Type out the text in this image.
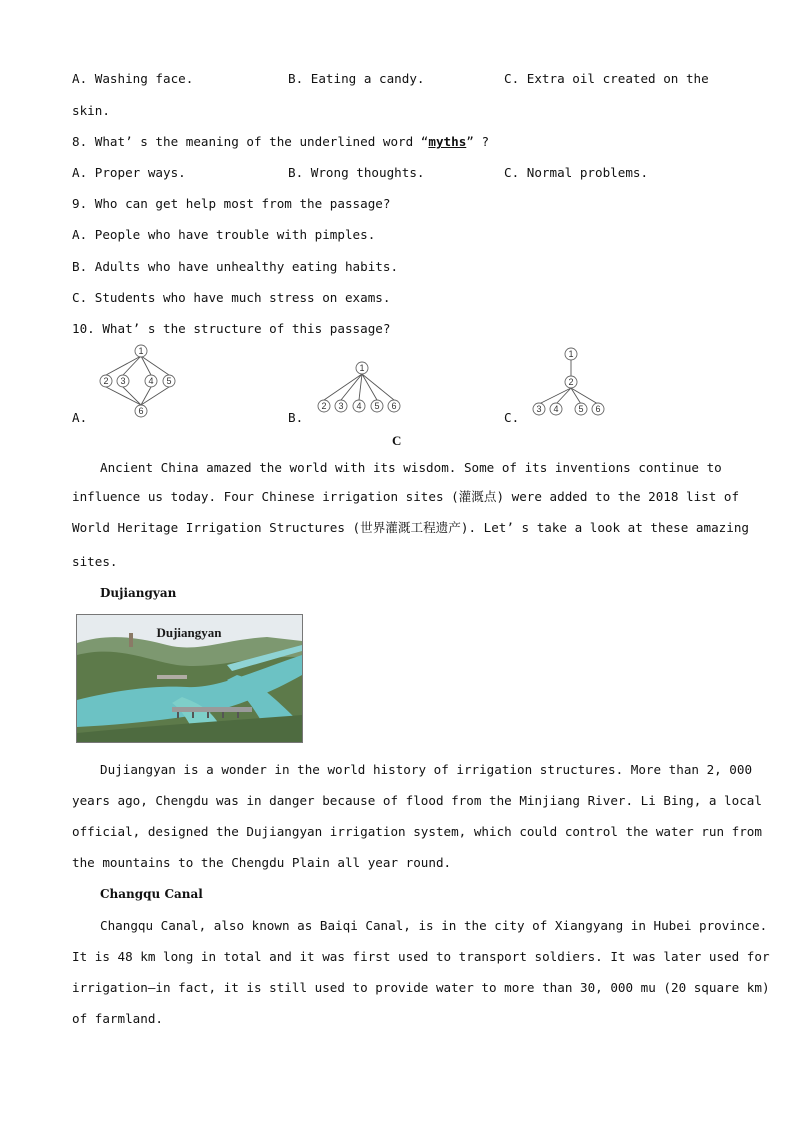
A. Washing face.	B. Eating a candy.	C. Extra oil created on the
skin.
8. What’ s the meaning of the underlined word “myths” ?
A. Proper ways.	B. Wrong thoughts.	C. Normal problems.
9. Who can get help most from the passage?
A. People who have trouble with pimples.
B. Adults who have unhealthy eating habits.
C. Students who have much stress on exams.
10. What’ s the structure of this passage?
1
2 3	4 5
6
A.
1
2 3 4 5 6
B.
1
2
3 4 5 6
C.
C
Ancient China amazed the world with its wisdom. Some of its inventions continue to
influence us today. Four Chinese irrigation sites (灌溉点) were added to the 2018 list of
World Heritage Irrigation Structures (世界灌溉工程遗产). Let’ s take a look at these amazing
sites.
Dujiangyan
Dujiangyan
Dujiangyan is a wonder in the world history of irrigation structures. More than 2, 000
years ago, Chengdu was in danger because of flood from the Minjiang River. Li Bing, a local
official, designed the Dujiangyan irrigation system, which could control the water run from
the mountains to the Chengdu Plain all year round.
Changqu Canal
Changqu Canal, also known as Baiqi Canal, is in the city of Xiangyang in Hubei province.
It is 48 km long in total and it was first used to transport soldiers. It was later used for
irrigation—in fact, it is still used to provide water to more than 30, 000 mu (20 square km)
of farmland.
